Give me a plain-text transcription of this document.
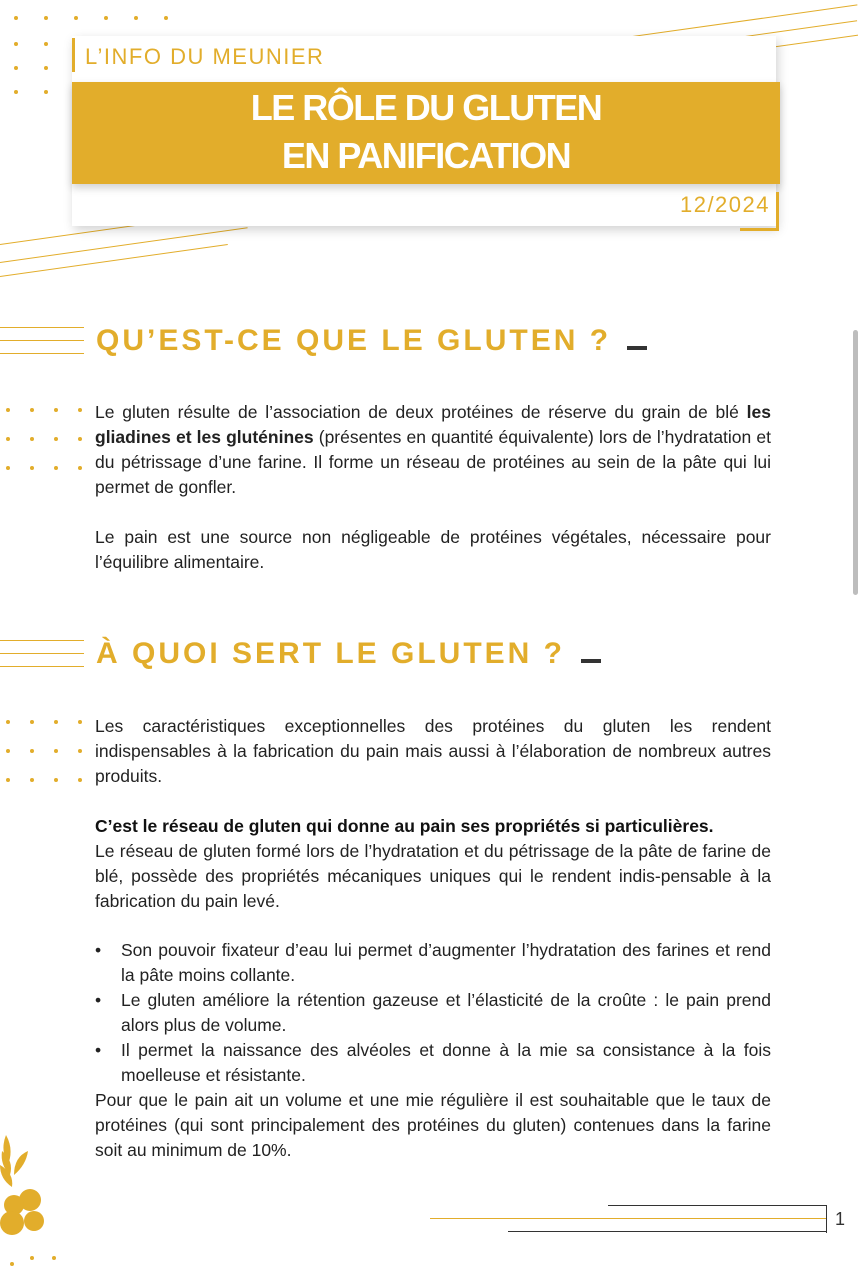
L’INFO DU MEUNIER
LE RÔLE DU GLUTEN
EN PANIFICATION
12/2024
QU’EST-CE QUE LE GLUTEN ?

Le gluten résulte de l’association de deux protéines de réserve du grain de blé les gliadines et les gluténines (présentes en quantité équivalente) lors de l’hydratation et du pétrissage d’une farine. Il forme un réseau de protéines au sein de la pâte qui lui permet de gonfler.

Le pain est une source non négligeable de protéines végétales, nécessaire pour l’équilibre alimentaire.

À QUOI SERT LE GLUTEN ?

Les caractéristiques exceptionnelles des protéines du gluten les rendent indispensables à la fabrication du pain mais aussi à l’élaboration de nombreux autres produits.

C’est le réseau de gluten qui donne au pain ses propriétés si particulières.

Le réseau de gluten formé lors de l’hydratation et du pétrissage de la pâte de farine de blé, possède des propriétés mécaniques uniques qui le rendent indis-pensable à la fabrication du pain levé.

• Son pouvoir fixateur d’eau lui permet d’augmenter l’hydratation des farines et rend la pâte moins collante.
• Le gluten améliore la rétention gazeuse et l’élasticité de la croûte : le pain prend alors plus de volume.
• Il permet la naissance des alvéoles et donne à la mie sa consistance à la fois moelleuse et résistante.
Pour que le pain ait un volume et une mie régulière il est souhaitable que le taux de protéines (qui sont principalement des protéines du gluten) contenues dans la farine soit au minimum de 10%.
1
